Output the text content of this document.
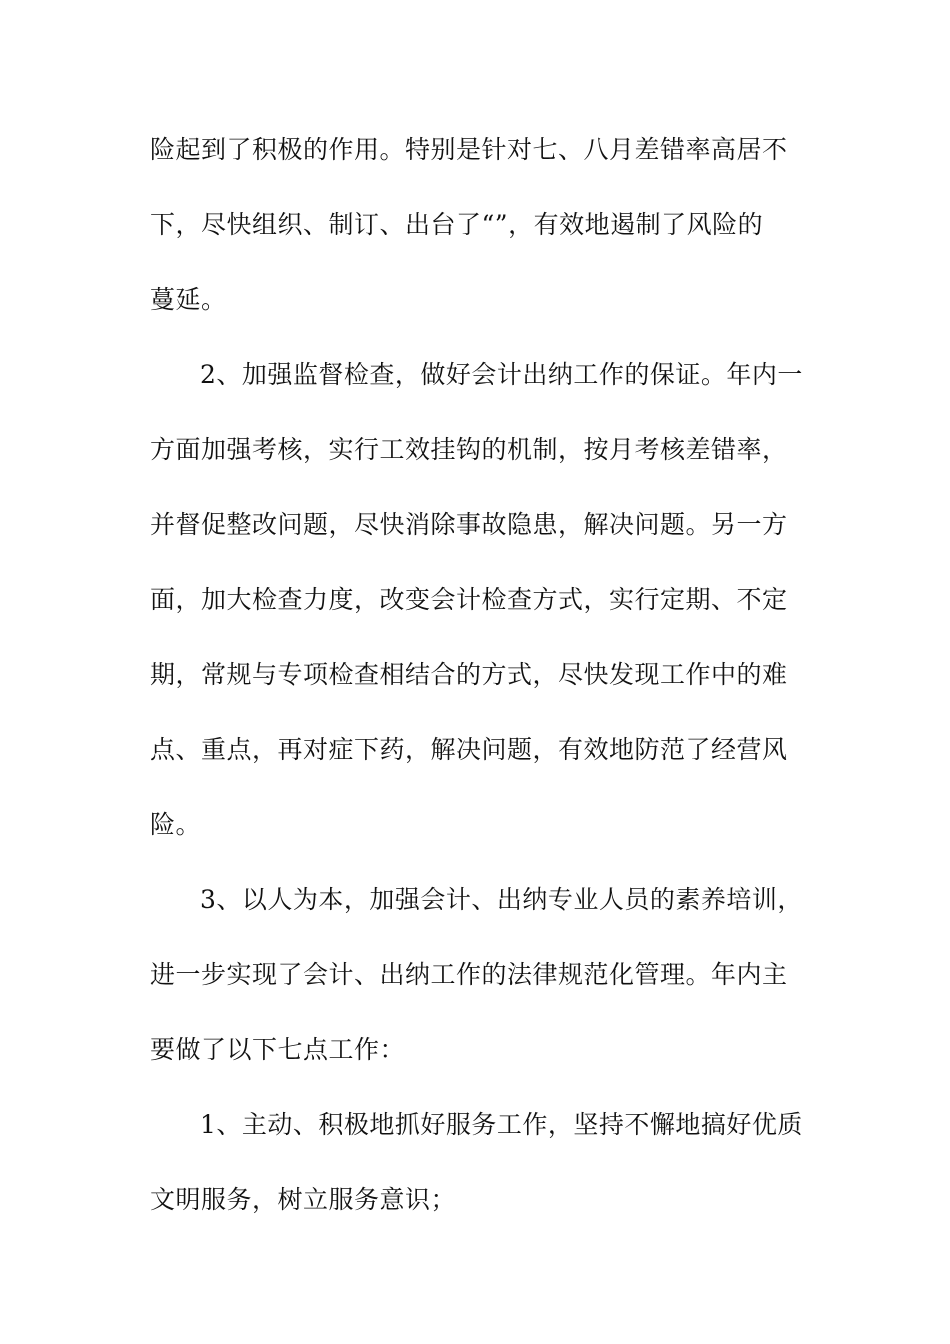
险起到了积极的作用。特别是针对七、八月差错率高居不
下，尽快组织、制订、出台了“”，有效地遏制了风险的
蔓延。
2、加强监督检查，做好会计出纳工作的保证。年内一
方面加强考核，实行工效挂钩的机制，按月考核差错率，
并督促整改问题，尽快消除事故隐患，解决问题。另一方
面，加大检查力度，改变会计检查方式，实行定期、不定
期，常规与专项检查相结合的方式，尽快发现工作中的难
点、重点，再对症下药，解决问题，有效地防范了经营风
险。
3、以人为本，加强会计、出纳专业人员的素养培训，
进一步实现了会计、出纳工作的法律规范化管理。年内主
要做了以下七点工作：
1、主动、积极地抓好服务工作，坚持不懈地搞好优质
文明服务，树立服务意识；
